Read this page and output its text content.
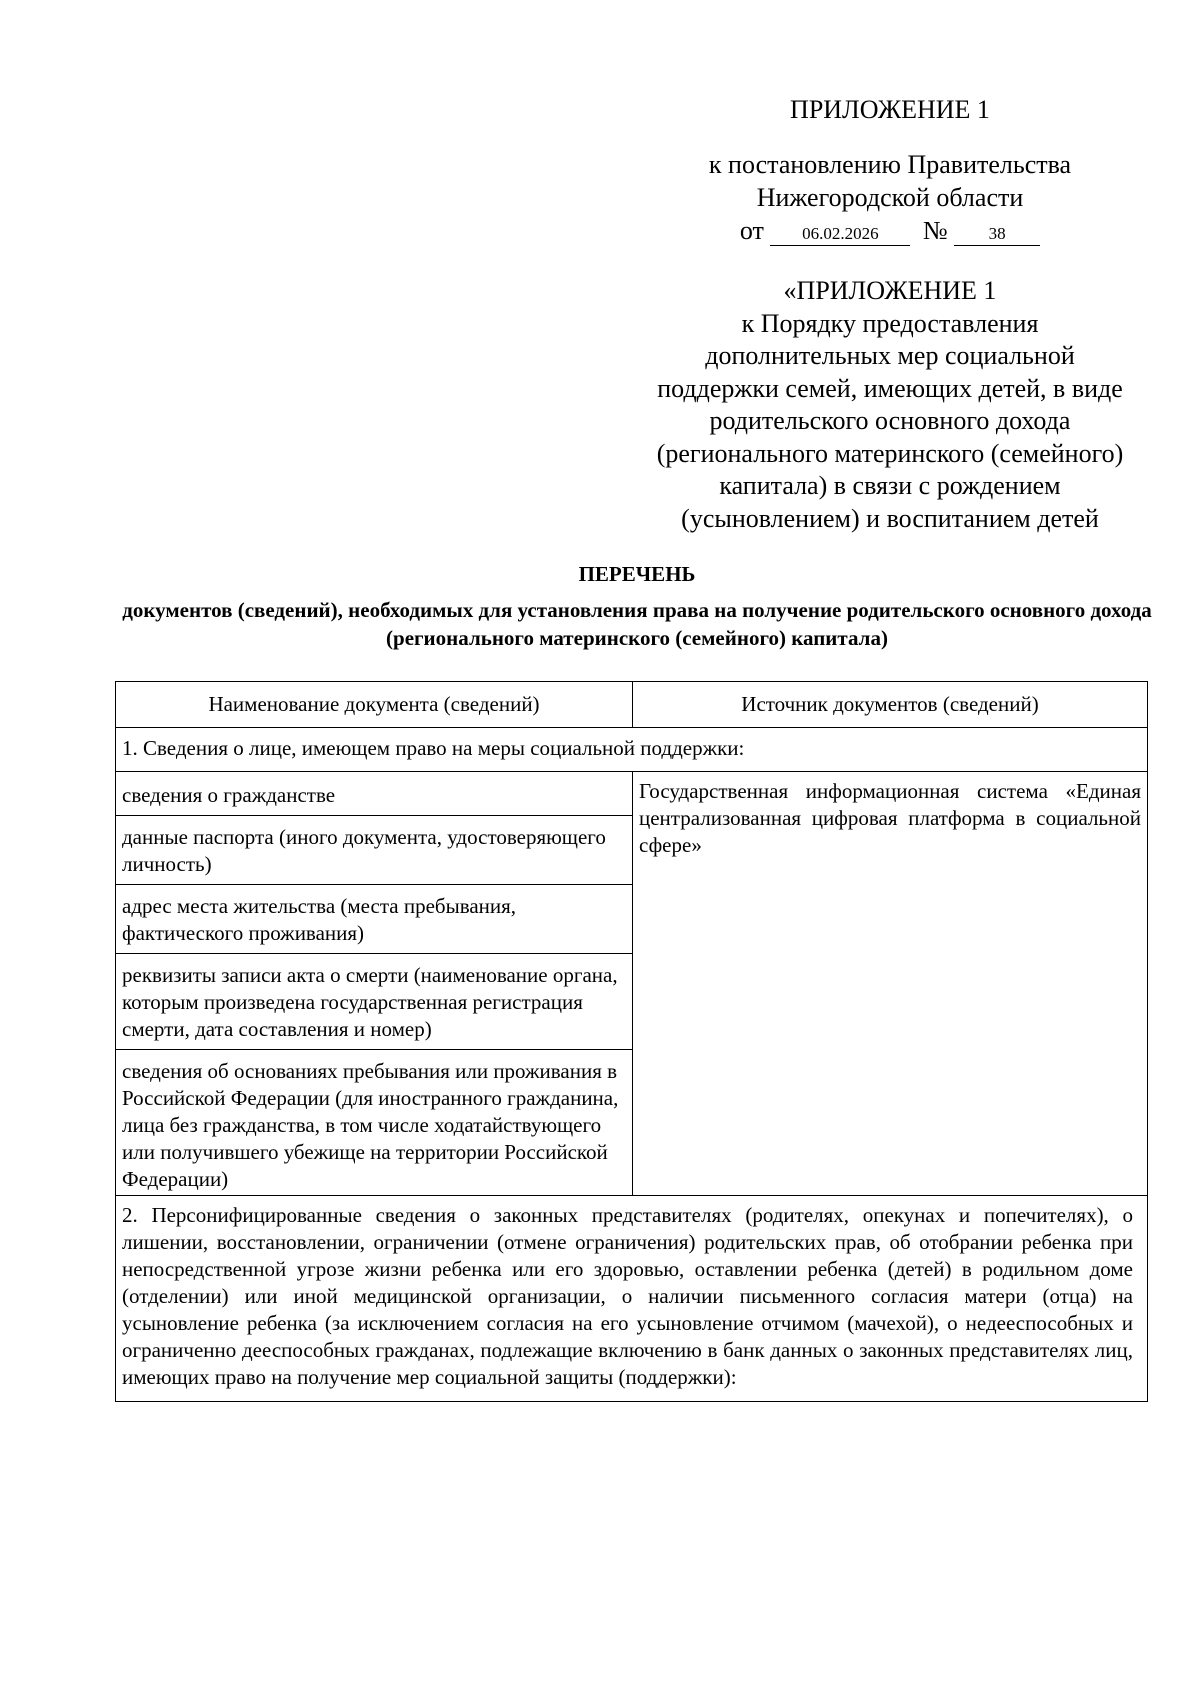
ПРИЛОЖЕНИЕ 1
к постановлению Правительства
Нижегородской области
от 06.02.2026 № 38
«ПРИЛОЖЕНИЕ 1
к Порядку предоставления
дополнительных мер социальной
поддержки семей, имеющих детей, в виде
родительского основного дохода
(регионального материнского (семейного)
капитала) в связи с рождением
(усыновлением) и воспитанием детей
ПЕРЕЧЕНЬ
документов (сведений), необходимых для установления права на получение родительского основного дохода (регионального материнского (семейного) капитала)
Наименование документа (сведений)	Источник документов (сведений)
1. Сведения о лице, имеющем право на меры социальной поддержки:	
сведения о гражданстве	Государственная информационная система «Единая централизованная цифровая платформа в социальной сфере»
данные паспорта (иного документа, удостоверяющего личность)	
адрес места жительства (места пребывания, фактического проживания)	
реквизиты записи акта о смерти (наименование органа, которым произведена государственная регистрация смерти, дата составления и номер)	
сведения об основаниях пребывания или проживания в Российской Федерации (для иностранного гражданина, лица без гражданства, в том числе ходатайствующего или получившего убежище на территории Российской Федерации)	
2. Персонифицированные сведения о законных представителях (родителях, опекунах и попечителях), о лишении, восстановлении, ограничении (отмене ограничения) родительских прав, об отобрании ребенка при непосредственной угрозе жизни ребенка или его здоровью, оставлении ребенка (детей) в родильном доме (отделении) или иной медицинской организации, о наличии письменного согласия матери (отца) на усыновление ребенка (за исключением согласия на его усыновление отчимом (мачехой), о недееспособных и ограниченно дееспособных гражданах, подлежащие включению в банк данных о законных представителях лиц, имеющих право на получение мер социальной защиты (поддержки):	
